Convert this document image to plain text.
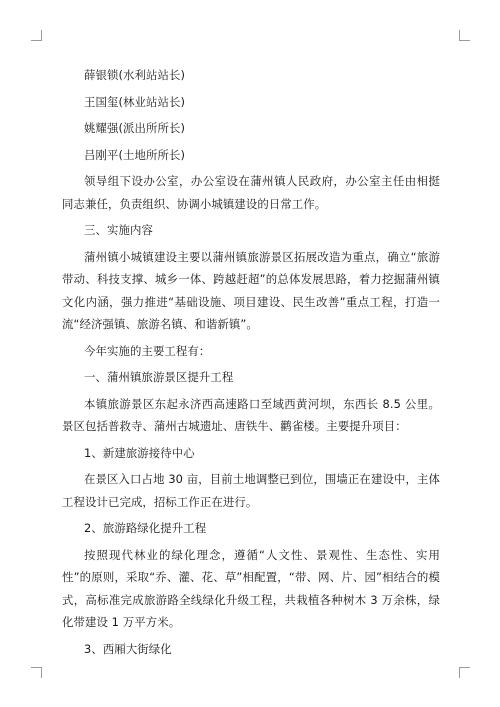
薛银锁(水利站站长)

王国玺(林业站站长)

姚耀强(派出所所长)

吕刚平(土地所所长)

领导组下设办公室，办公室设在蒲州镇人民政府，办公室主任由相挺同志兼任，负责组织、协调小城镇建设的日常工作。

三、实施内容

蒲州镇小城镇建设主要以蒲州镇旅游景区拓展改造为重点，确立“旅游带动、科技支撑、城乡一体、跨越赶超”的总体发展思路，着力挖掘蒲州镇文化内涵，强力推进“基础设施、项目建设、民生改善”重点工程，打造一流“经济强镇、旅游名镇、和谐新镇”。

今年实施的主要工程有：

一、蒲州镇旅游景区提升工程

本镇旅游景区东起永济西高速路口至域西黄河坝，东西长 8.5 公里。景区包括普救寺、蒲州古城遗址、唐铁牛、鹳雀楼。主要提升项目：

1、新建旅游接待中心

在景区入口占地 30 亩，目前土地调整已到位，围墙正在建设中，主体工程设计已完成，招标工作正在进行。

2、旅游路绿化提升工程

按照现代林业的绿化理念，遵循“人文性、景观性、生态性、实用性”的原则，采取“乔、灌、花、草”相配置，“带、网、片、园”相结合的模式，高标准完成旅游路全线绿化升级工程，共栽植各种树木 3 万余株，绿化带建设 1 万平方米。

3、西厢大街绿化
